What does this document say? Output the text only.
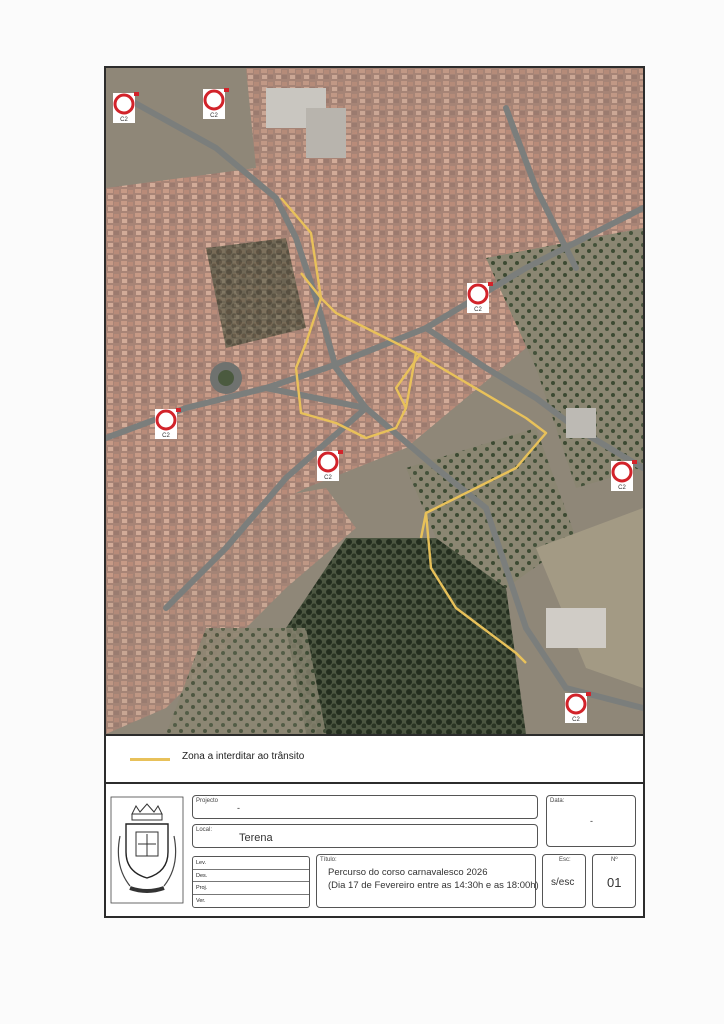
C2
C2
C2
C2
C2
C2
C2
Zona a interditar ao trânsito
Projecto
-
Data:
-
Local:
Terena
Lev.
Des.
Proj.
Ver.
Título:
Percurso do corso carnavalesco 2026
(Dia 17 de Fevereiro entre as 14:30h e as 18:00h)
Esc:
s/esc
Nº
01
